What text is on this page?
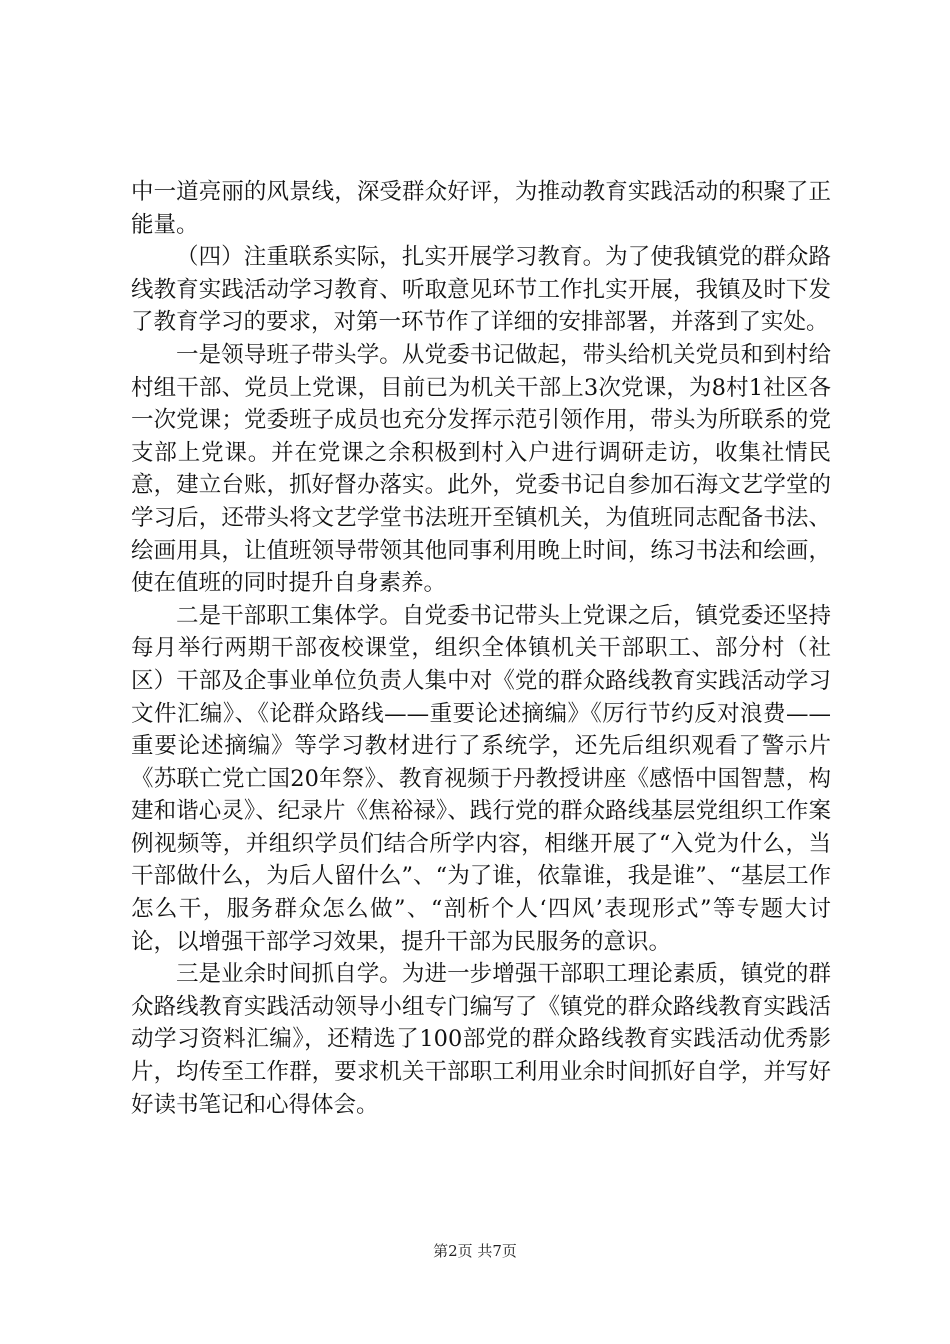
中一道亮丽的风景线，深受群众好评，为推动教育实践活动的积聚了正能量。

（四）注重联系实际，扎实开展学习教育。为了使我镇党的群众路线教育实践活动学习教育、听取意见环节工作扎实开展，我镇及时下发了教育学习的要求，对第一环节作了详细的安排部署，并落到了实处。

一是领导班子带头学。从党委书记做起，带头给机关党员和到村给村组干部、党员上党课，目前已为机关干部上3次党课，为8村1社区各一次党课；党委班子成员也充分发挥示范引领作用，带头为所联系的党支部上党课。并在党课之余积极到村入户进行调研走访，收集社情民意，建立台账，抓好督办落实。此外，党委书记自参加石海文艺学堂的学习后，还带头将文艺学堂书法班开至镇机关，为值班同志配备书法、绘画用具，让值班领导带领其他同事利用晚上时间，练习书法和绘画，使在值班的同时提升自身素养。

二是干部职工集体学。自党委书记带头上党课之后，镇党委还坚持每月举行两期干部夜校课堂，组织全体镇机关干部职工、部分村（社区）干部及企事业单位负责人集中对《党的群众路线教育实践活动学习文件汇编》、《论群众路线——重要论述摘编》《厉行节约反对浪费——重要论述摘编》等学习教材进行了系统学，还先后组织观看了警示片《苏联亡党亡国20年祭》、教育视频于丹教授讲座《感悟中国智慧，构建和谐心灵》、纪录片《焦裕禄》、践行党的群众路线基层党组织工作案例视频等，并组织学员们结合所学内容，相继开展了“入党为什么，当干部做什么，为后人留什么”、“为了谁，依靠谁，我是谁”、“基层工作怎么干，服务群众怎么做”、“剖析个人‘四风’表现形式”等专题大讨论，以增强干部学习效果，提升干部为民服务的意识。

三是业余时间抓自学。为进一步增强干部职工理论素质，镇党的群众路线教育实践活动领导小组专门编写了《镇党的群众路线教育实践活动学习资料汇编》，还精选了100部党的群众路线教育实践活动优秀影片，均传至工作群，要求机关干部职工利用业余时间抓好自学，并写好好读书笔记和心得体会。

第2页 共7页
